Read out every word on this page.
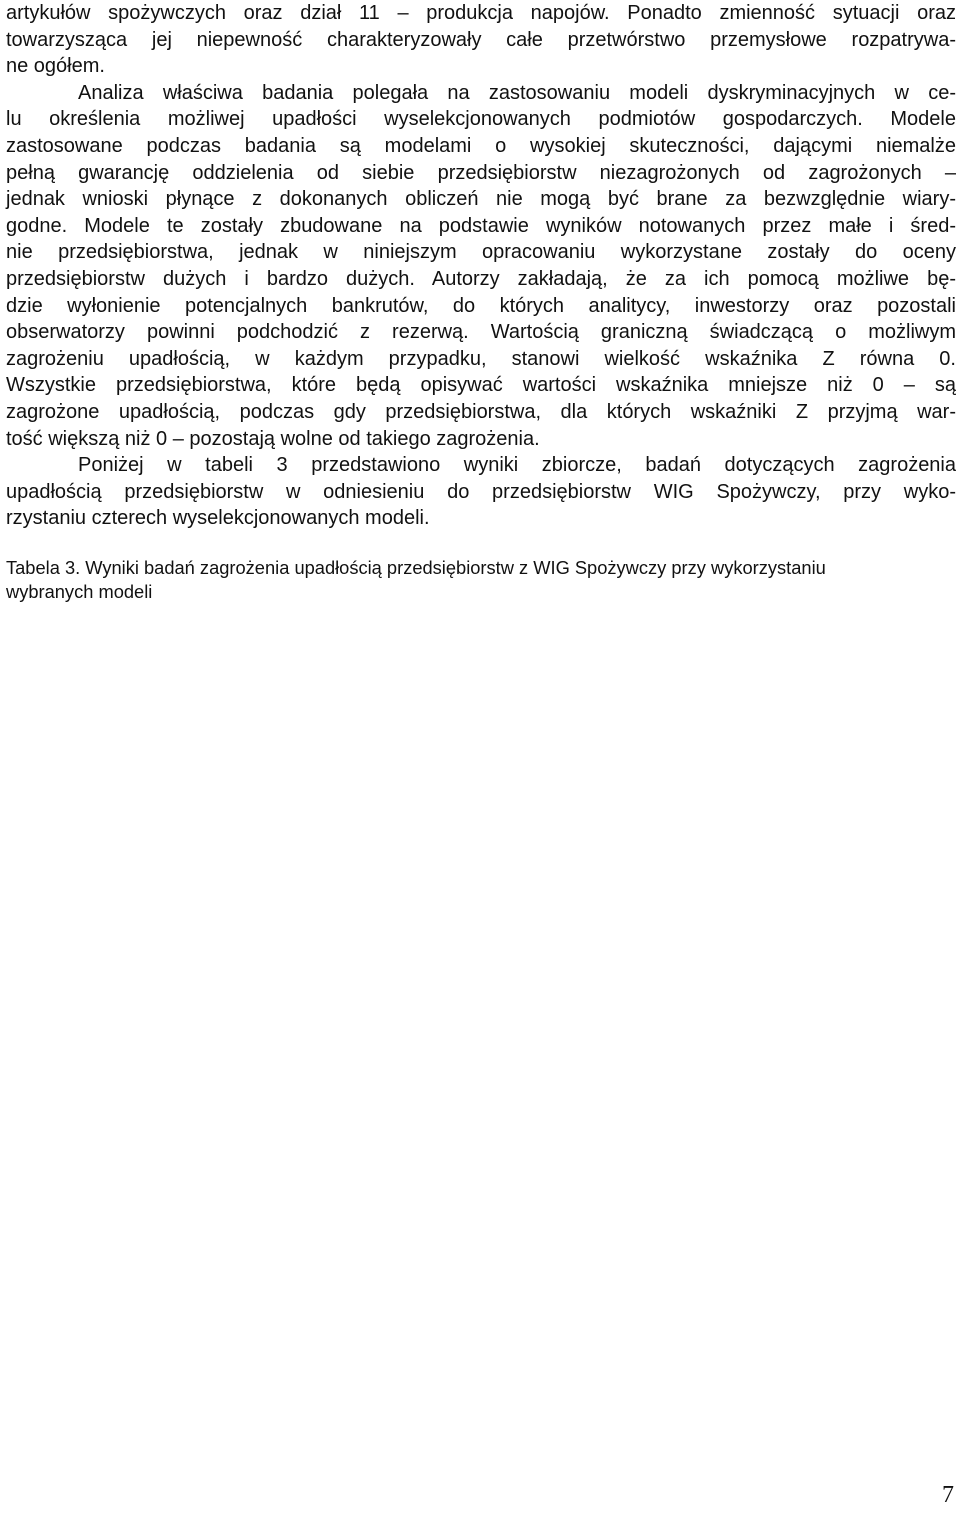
artykułów spożywczych oraz dział 11 – produkcja napojów. Ponadto zmienność sytuacji oraz
towarzysząca jej niepewność charakteryzowały całe przetwórstwo przemysłowe rozpatrywa-
ne ogółem.

Analiza właściwa badania polegała na zastosowaniu modeli dyskryminacyjnych w ce-
lu określenia możliwej upadłości wyselekcjonowanych podmiotów gospodarczych. Modele
zastosowane podczas badania są modelami o wysokiej skuteczności, dającymi niemalże
pełną gwarancję oddzielenia od siebie przedsiębiorstw niezagrożonych od zagrożonych –
jednak wnioski płynące z dokonanych obliczeń nie mogą być brane za bezwzględnie wiary-
godne. Modele te zostały zbudowane na podstawie wyników notowanych przez małe i śred-
nie przedsiębiorstwa, jednak w niniejszym opracowaniu wykorzystane zostały do oceny
przedsiębiorstw dużych i bardzo dużych. Autorzy zakładają, że za ich pomocą możliwe bę-
dzie wyłonienie potencjalnych bankrutów, do których analitycy, inwestorzy oraz pozostali
obserwatorzy powinni podchodzić z rezerwą. Wartością graniczną świadczącą o możliwym
zagrożeniu upadłością, w każdym przypadku, stanowi wielkość wskaźnika Z równa 0.
Wszystkie przedsiębiorstwa, które będą opisywać wartości wskaźnika mniejsze niż 0 – są
zagrożone upadłością, podczas gdy przedsiębiorstwa, dla których wskaźniki Z przyjmą war-
tość większą niż 0 – pozostają wolne od takiego zagrożenia.

Poniżej w tabeli 3 przedstawiono wyniki zbiorcze, badań dotyczących zagrożenia
upadłością przedsiębiorstw w odniesieniu do przedsiębiorstw WIG Spożywczy, przy wyko-
rzystaniu czterech wyselekcjonowanych modeli.

Tabela 3. Wyniki badań zagrożenia upadłością przedsiębiorstw z WIG Spożywczy przy wykorzystaniu
wybranych modeli

7
